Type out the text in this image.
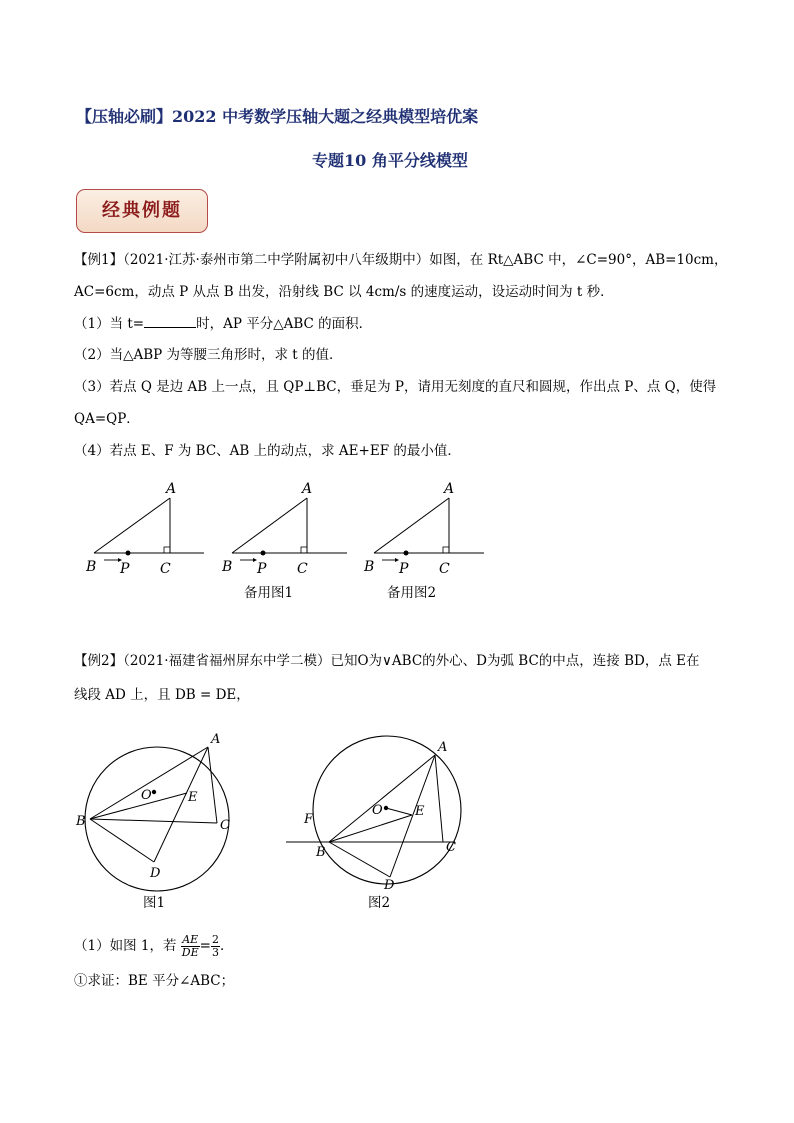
【压轴必刷】2022 中考数学压轴大题之经典模型培优案
专题10 角平分线模型
经典例题
【例1】（2021·江苏·泰州市第二中学附属初中八年级期中）如图，在 Rt△ABC 中，∠C=90°，AB=10cm，
AC=6cm，动点 P 从点 B 出发，沿射线 BC 以 4cm/s 的速度运动，设运动时间为 t 秒．
（1）当 t=	时，AP 平分△ABC 的面积．
（2）当△ABP 为等腰三角形时，求 t 的值．
（3）若点 Q 是边 AB 上一点，且 QP⊥BC，垂足为 P，请用无刻度的直尺和圆规，作出点 P、点 Q，使得
QA=QP．
（4）若点 E、F 为 BC、AB 上的动点，求 AE+EF 的最小值．
A
B P C
A
B P C
备用图1
A
B P C
备用图2
【例2】（2021·福建省福州屏东中学二模）已知O为∨ABC的外心、D为弧 BC的中点，连接 BD，点 E在
线段 AD 上，且 DB = DE，
A
B	C
D
E
O
图1
A
B	C
D
E
O
F
图2
（1）如图 1，若 $\frac{AE}{DE} = \frac{2}{3}$ ．
①求证：BE 平分∠ABC；
